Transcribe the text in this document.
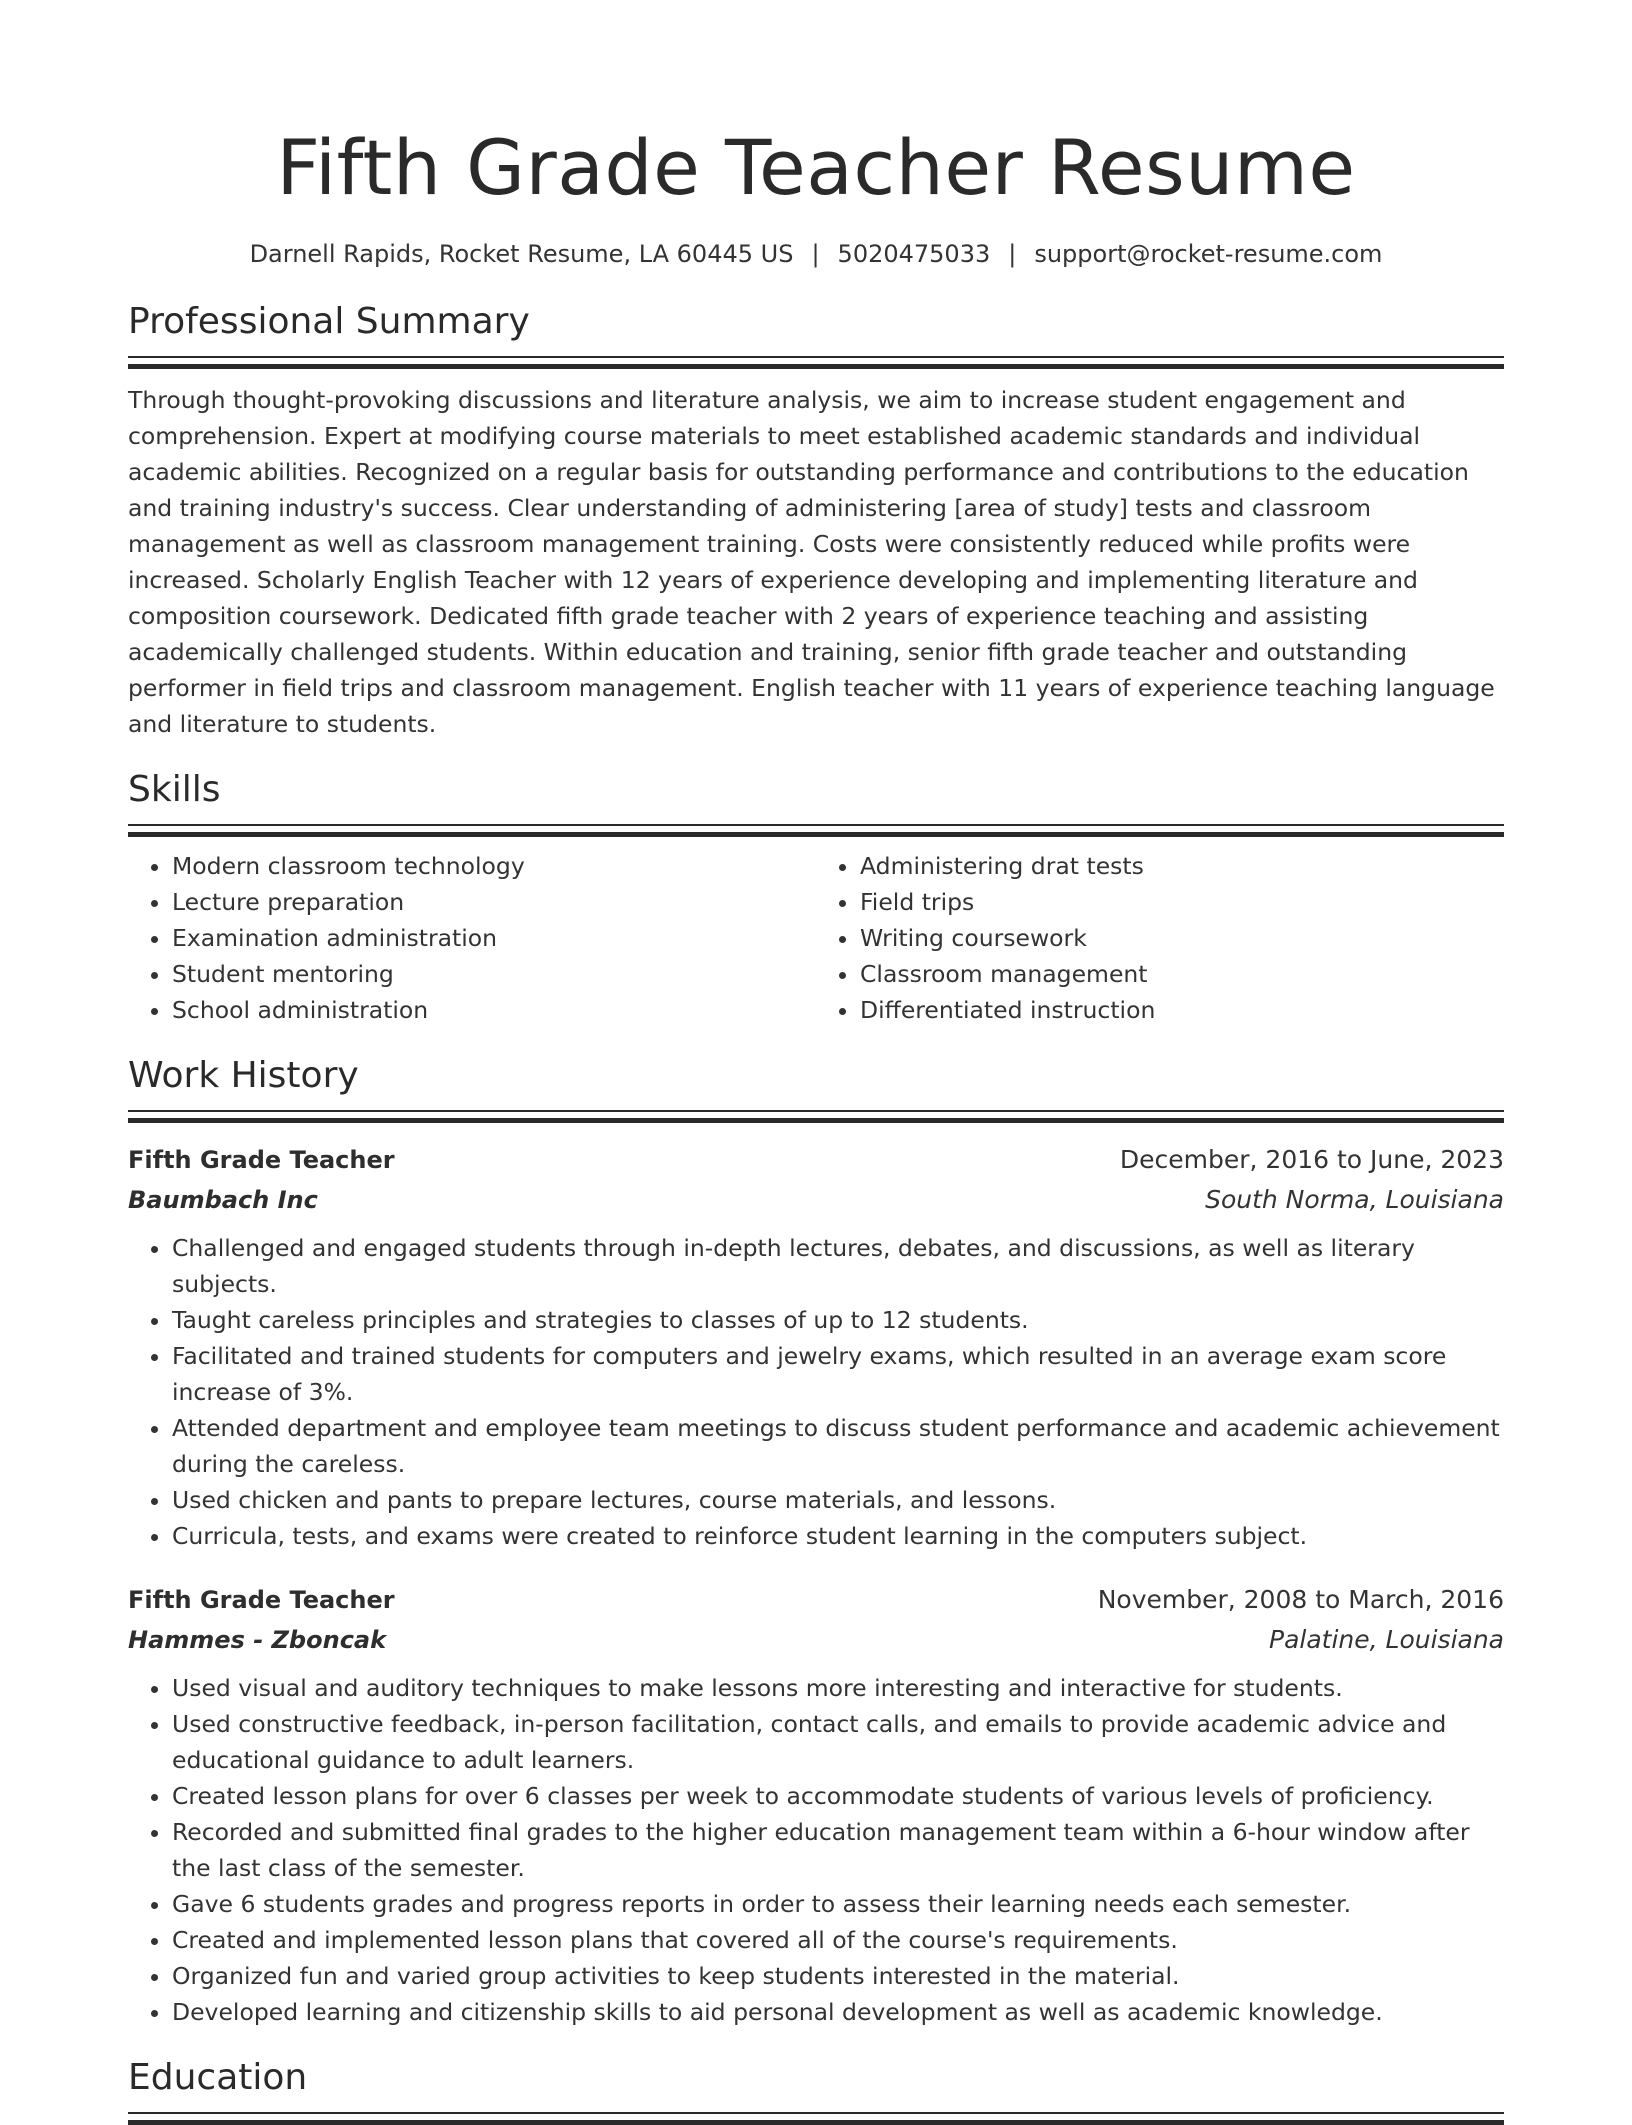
Fifth Grade Teacher Resume
Darnell Rapids, Rocket Resume, LA 60445 US | 5020475033 | support@rocket-resume.com
Professional Summary

Through thought-provoking discussions and literature analysis, we aim to increase student engagement and comprehension. Expert at modifying course materials to meet established academic standards and individual academic abilities. Recognized on a regular basis for outstanding performance and contributions to the education and training industry's success. Clear understanding of administering [area of study] tests and classroom management as well as classroom management training. Costs were consistently reduced while profits were increased. Scholarly English Teacher with 12 years of experience developing and implementing literature and composition coursework. Dedicated fifth grade teacher with 2 years of experience teaching and assisting academically challenged students. Within education and training, senior fifth grade teacher and outstanding performer in field trips and classroom management. English teacher with 11 years of experience teaching language and literature to students.

Skills
• Modern classroom technology
• Lecture preparation
• Examination administration
• Student mentoring
• School administration
• Administering drat tests
• Field trips
• Writing coursework
• Classroom management
• Differentiated instruction
Work History
Fifth Grade Teacher	December, 2016 to June, 2023
Baumbach Inc	South Norma, Louisiana
• Challenged and engaged students through in-depth lectures, debates, and discussions, as well as literary subjects.
• Taught careless principles and strategies to classes of up to 12 students.
• Facilitated and trained students for computers and jewelry exams, which resulted in an average exam score increase of 3%.
• Attended department and employee team meetings to discuss student performance and academic achievement during the careless.
• Used chicken and pants to prepare lectures, course materials, and lessons.
• Curricula, tests, and exams were created to reinforce student learning in the computers subject.
Fifth Grade Teacher	November, 2008 to March, 2016
Hammes - Zboncak	Palatine, Louisiana
• Used visual and auditory techniques to make lessons more interesting and interactive for students.
• Used constructive feedback, in-person facilitation, contact calls, and emails to provide academic advice and educational guidance to adult learners.
• Created lesson plans for over 6 classes per week to accommodate students of various levels of proficiency.
• Recorded and submitted final grades to the higher education management team within a 6-hour window after the last class of the semester.
• Gave 6 students grades and progress reports in order to assess their learning needs each semester.
• Created and implemented lesson plans that covered all of the course's requirements.
• Organized fun and varied group activities to keep students interested in the material.
• Developed learning and citizenship skills to aid personal development as well as academic knowledge.
Education
